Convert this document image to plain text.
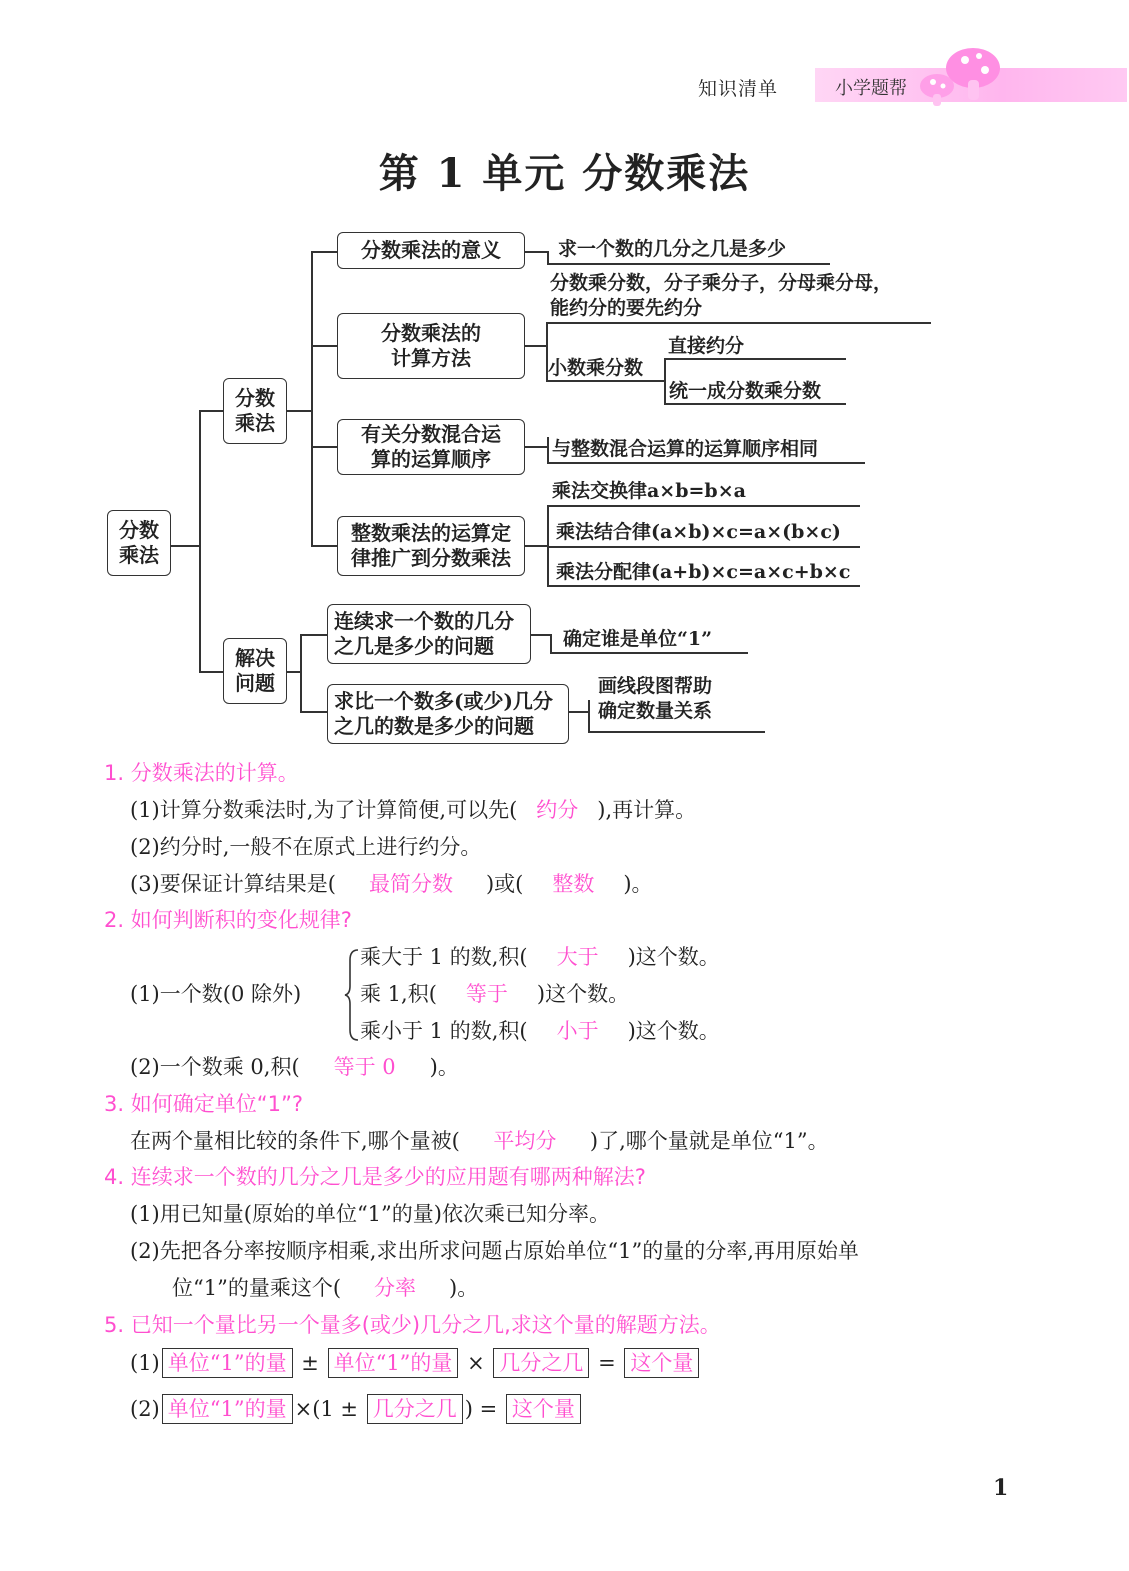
知识清单	小学题帮
第 1 单元 分数乘法
分数
乘法
分数
乘法
解决
问题
分数乘法的意义
分数乘法的
计算方法
有关分数混合运
算的运算顺序
整数乘法的运算定
律推广到分数乘法
连续求一个数的几分
之几是多少的问题
求比一个数多(或少)几分
之几的数是多少的问题
求一个数的几分之几是多少
分数乘分数，分子乘分子，分母乘分母，
能约分的要先约分
小数乘分数
直接约分
统一成分数乘分数
与整数混合运算的运算顺序相同
乘法交换律a×b=b×a
乘法结合律(a×b)×c=a×(b×c)
乘法分配律(a+b)×c=a×c+b×c
确定谁是单位“1”
画线段图帮助
确定数量关系
1. 分数乘法的计算。
(1)计算分数乘法时,为了计算简便,可以先( 约分 ),再计算。
(2)约分时,一般不在原式上进行约分。
(3)要保证计算结果是( 最简分数 )或( 整数 )。
2. 如何判断积的变化规律?
(1)一个数(0 除外)
乘大于 1 的数,积( 大于 )这个数。
乘 1,积( 等于 )这个数。
乘小于 1 的数,积( 小于 )这个数。
(2)一个数乘 0,积( 等于 0 )。
3. 如何确定单位“1”?
在两个量相比较的条件下,哪个量被( 平均分 )了,哪个量就是单位“1”。
4. 连续求一个数的几分之几是多少的应用题有哪两种解法?
(1)用已知量(原始的单位“1”的量)依次乘已知分率。
(2)先把各分率按顺序相乘,求出所求问题占原始单位“1”的量的分率,再用原始单
位“1”的量乘这个( 分率 )。
5. 已知一个量比另一个量多(或少)几分之几,求这个量的解题方法。
(1) 单位“1”的量 ± 单位“1”的量 × 几分之几 = 这个量
(2) 单位“1”的量 ×(1 ± 几分之几 ) = 这个量
1
